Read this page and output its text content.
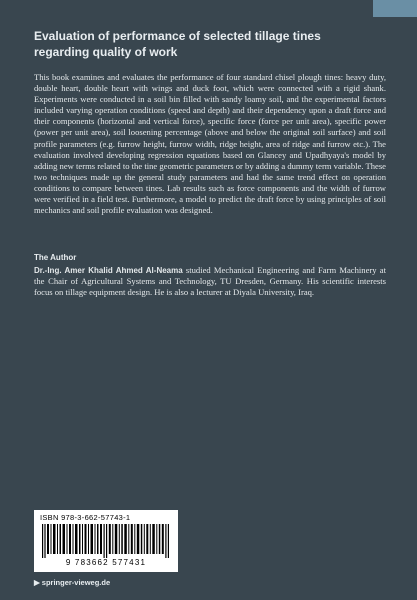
Evaluation of performance of selected tillage tines regarding quality of work

This book examines and evaluates the performance of four standard chisel plough tines: heavy duty, double heart, double heart with wings and duck foot, which were connected with a rigid shank. Experiments were conducted in a soil bin filled with sandy loamy soil, and the experimental factors included varying operation conditions (speed and depth) and their dependency upon a draft force and their components (horizontal and vertical force), specific force (force per unit area), specific power (power per unit area), soil loosening percentage (above and below the original soil surface) and soil profile parameters (e.g. furrow height, furrow width, ridge height, area of ridge and furrow etc.). The evaluation involved developing regression equations based on Glancey and Upadhyaya's model by adding new terms related to the tine geometric parameters or by adding a dummy term variable. These two techniques made up the general study parameters and had the same trend effect on operation conditions to compare between tines. Lab results such as force components and the width of furrow were verified in a field test. Furthermore, a model to predict the draft force by using principles of soil mechanics and soil profile evaluation was designed.

The Author

Dr.-Ing. Amer Khalid Ahmed Al-Neama studied Mechanical Engineering and Farm Machinery at the Chair of Agricultural Systems and Technology, TU Dresden, Germany. His scientific interests focus on tillage equipment design. He is also a lecturer at Diyala University, Iraq.

ISBN 978-3-662-57743-1
9 783662 577431
▶ springer-vieweg.de
